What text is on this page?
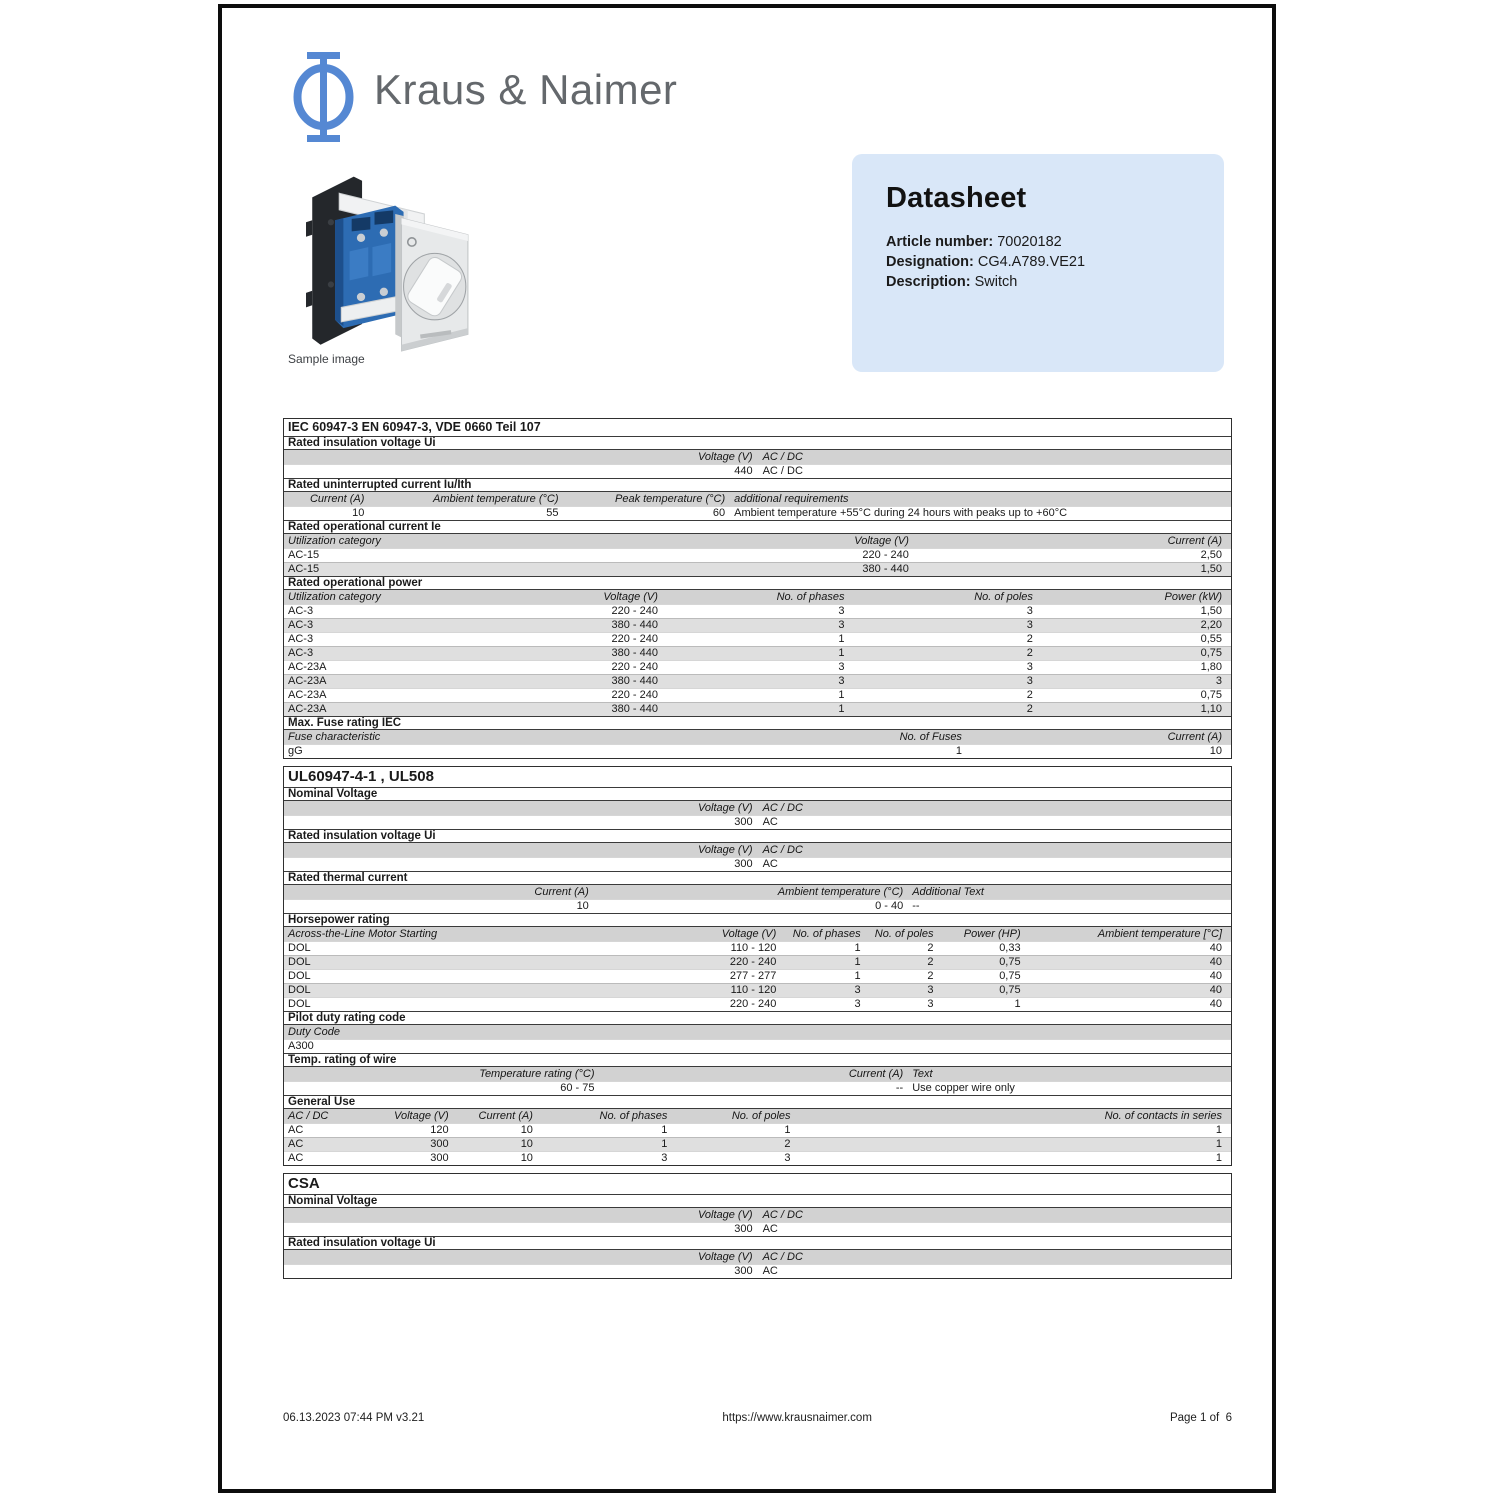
Kraus & Naimer
Sample image
Datasheet
Article number: 70020182
Designation: CG4.A789.VE21
Description: Switch
IEC 60947-3 EN 60947-3, VDE 0660 Teil 107
Rated insulation voltage Ui
Voltage (V) AC / DC
440 AC / DC
Rated uninterrupted current Iu/Ith
Current (A)	Ambient temperature (°C)	Peak temperature (°C) additional requirements
10	55	60 Ambient temperature +55°C during 24 hours with peaks up to +60°C
Rated operational current Ie
Utilization category	Voltage (V)	Current (A)
AC-15	220 - 240	2,50
AC-15	380 - 440	1,50
Rated operational power
Utilization category	Voltage (V)	No. of phases	No. of poles	Power (kW)
AC-3	220 - 240	3	3	1,50
AC-3	380 - 440	3	3	2,20
AC-3	220 - 240	1	2	0,55
AC-3	380 - 440	1	2	0,75
AC-23A	220 - 240	3	3	1,80
AC-23A	380 - 440	3	3	3
AC-23A	220 - 240	1	2	0,75
AC-23A	380 - 440	1	2	1,10
Max. Fuse rating IEC
Fuse characteristic	No. of Fuses	Current (A)
gG	1	10
UL60947-4-1 , UL508
Nominal Voltage
Voltage (V) AC / DC
300 AC
Rated insulation voltage Ui
Voltage (V) AC / DC
300 AC
Rated thermal current
Current (A)	Ambient temperature (°C) Additional Text
10	0 - 40 --
Horsepower rating
Across-the-Line Motor Starting	Voltage (V)	No. of phases	No. of poles	Power (HP)	Ambient temperature [°C]
DOL	110 - 120	1	2	0,33	40
DOL	220 - 240	1	2	0,75	40
DOL	277 - 277	1	2	0,75	40
DOL	110 - 120	3	3	0,75	40
DOL	220 - 240	3	3	1	40
Pilot duty rating code
Duty Code
A300
Temp. rating of wire
Temperature rating (°C)	Current (A) Text
60 - 75	-- Use copper wire only
General Use
AC / DC	Voltage (V)	Current (A)	No. of phases	No. of poles	No. of contacts in series
AC	120	10	1	1	1
AC	300	10	1	2	1
AC	300	10	3	3	1
CSA
Nominal Voltage
Voltage (V) AC / DC
300 AC
Rated insulation voltage Ui
Voltage (V) AC / DC
300 AC
06.13.2023 07:44 PM v3.21	https://www.krausnaimer.com	Page 1 of  6
